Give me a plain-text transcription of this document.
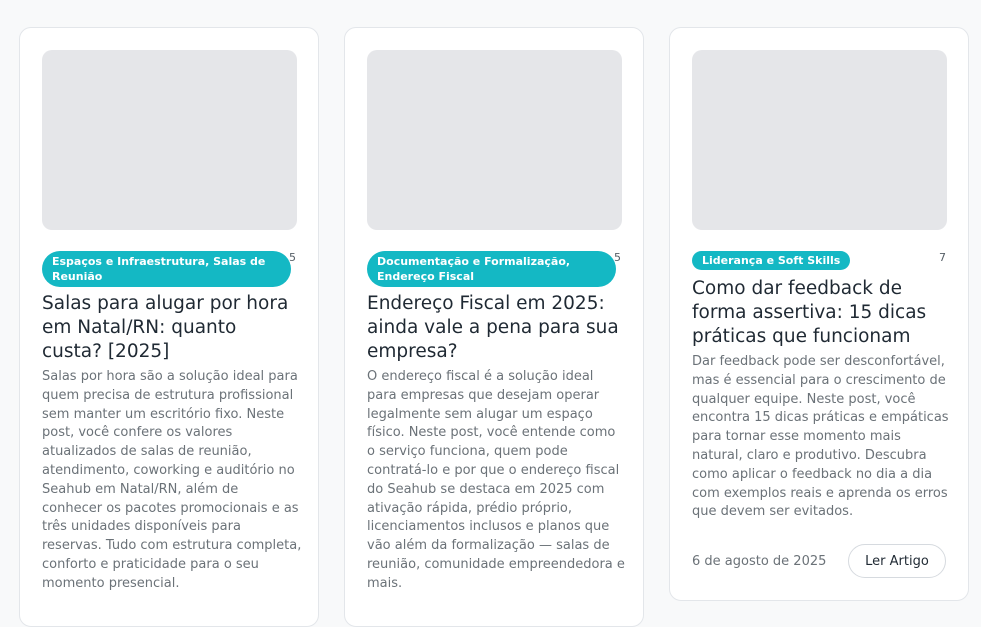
Espaços e Infraestrutura, Salas de Reunião
5
Salas para alugar por hora em Natal/RN: quanto custa? [2025]

Salas por hora são a solução ideal para quem precisa de estrutura profissional sem manter um escritório fixo. Neste post, você confere os valores atualizados de salas de reunião, atendimento, coworking e auditório no Seahub em Natal/RN, além de conhecer os pacotes promocionais e as três unidades disponíveis para reservas. Tudo com estrutura completa, conforto e praticidade para o seu momento presencial.

Documentação e Formalização, Endereço Fiscal
5
Endereço Fiscal em 2025: ainda vale a pena para sua empresa?

O endereço fiscal é a solução ideal para empresas que desejam operar legalmente sem alugar um espaço físico. Neste post, você entende como o serviço funciona, quem pode contratá-lo e por que o endereço fiscal do Seahub se destaca em 2025 com ativação rápida, prédio próprio, licenciamentos inclusos e planos que vão além da formalização — salas de reunião, comunidade empreendedora e mais.

Liderança e Soft Skills	7
Como dar feedback de forma assertiva: 15 dicas práticas que funcionam

Dar feedback pode ser desconfortável, mas é essencial para o crescimento de qualquer equipe. Neste post, você encontra 15 dicas práticas e empáticas para tornar esse momento mais natural, claro e produtivo. Descubra como aplicar o feedback no dia a dia com exemplos reais e aprenda os erros que devem ser evitados.

6 de agosto de 2025	Ler Artigo
